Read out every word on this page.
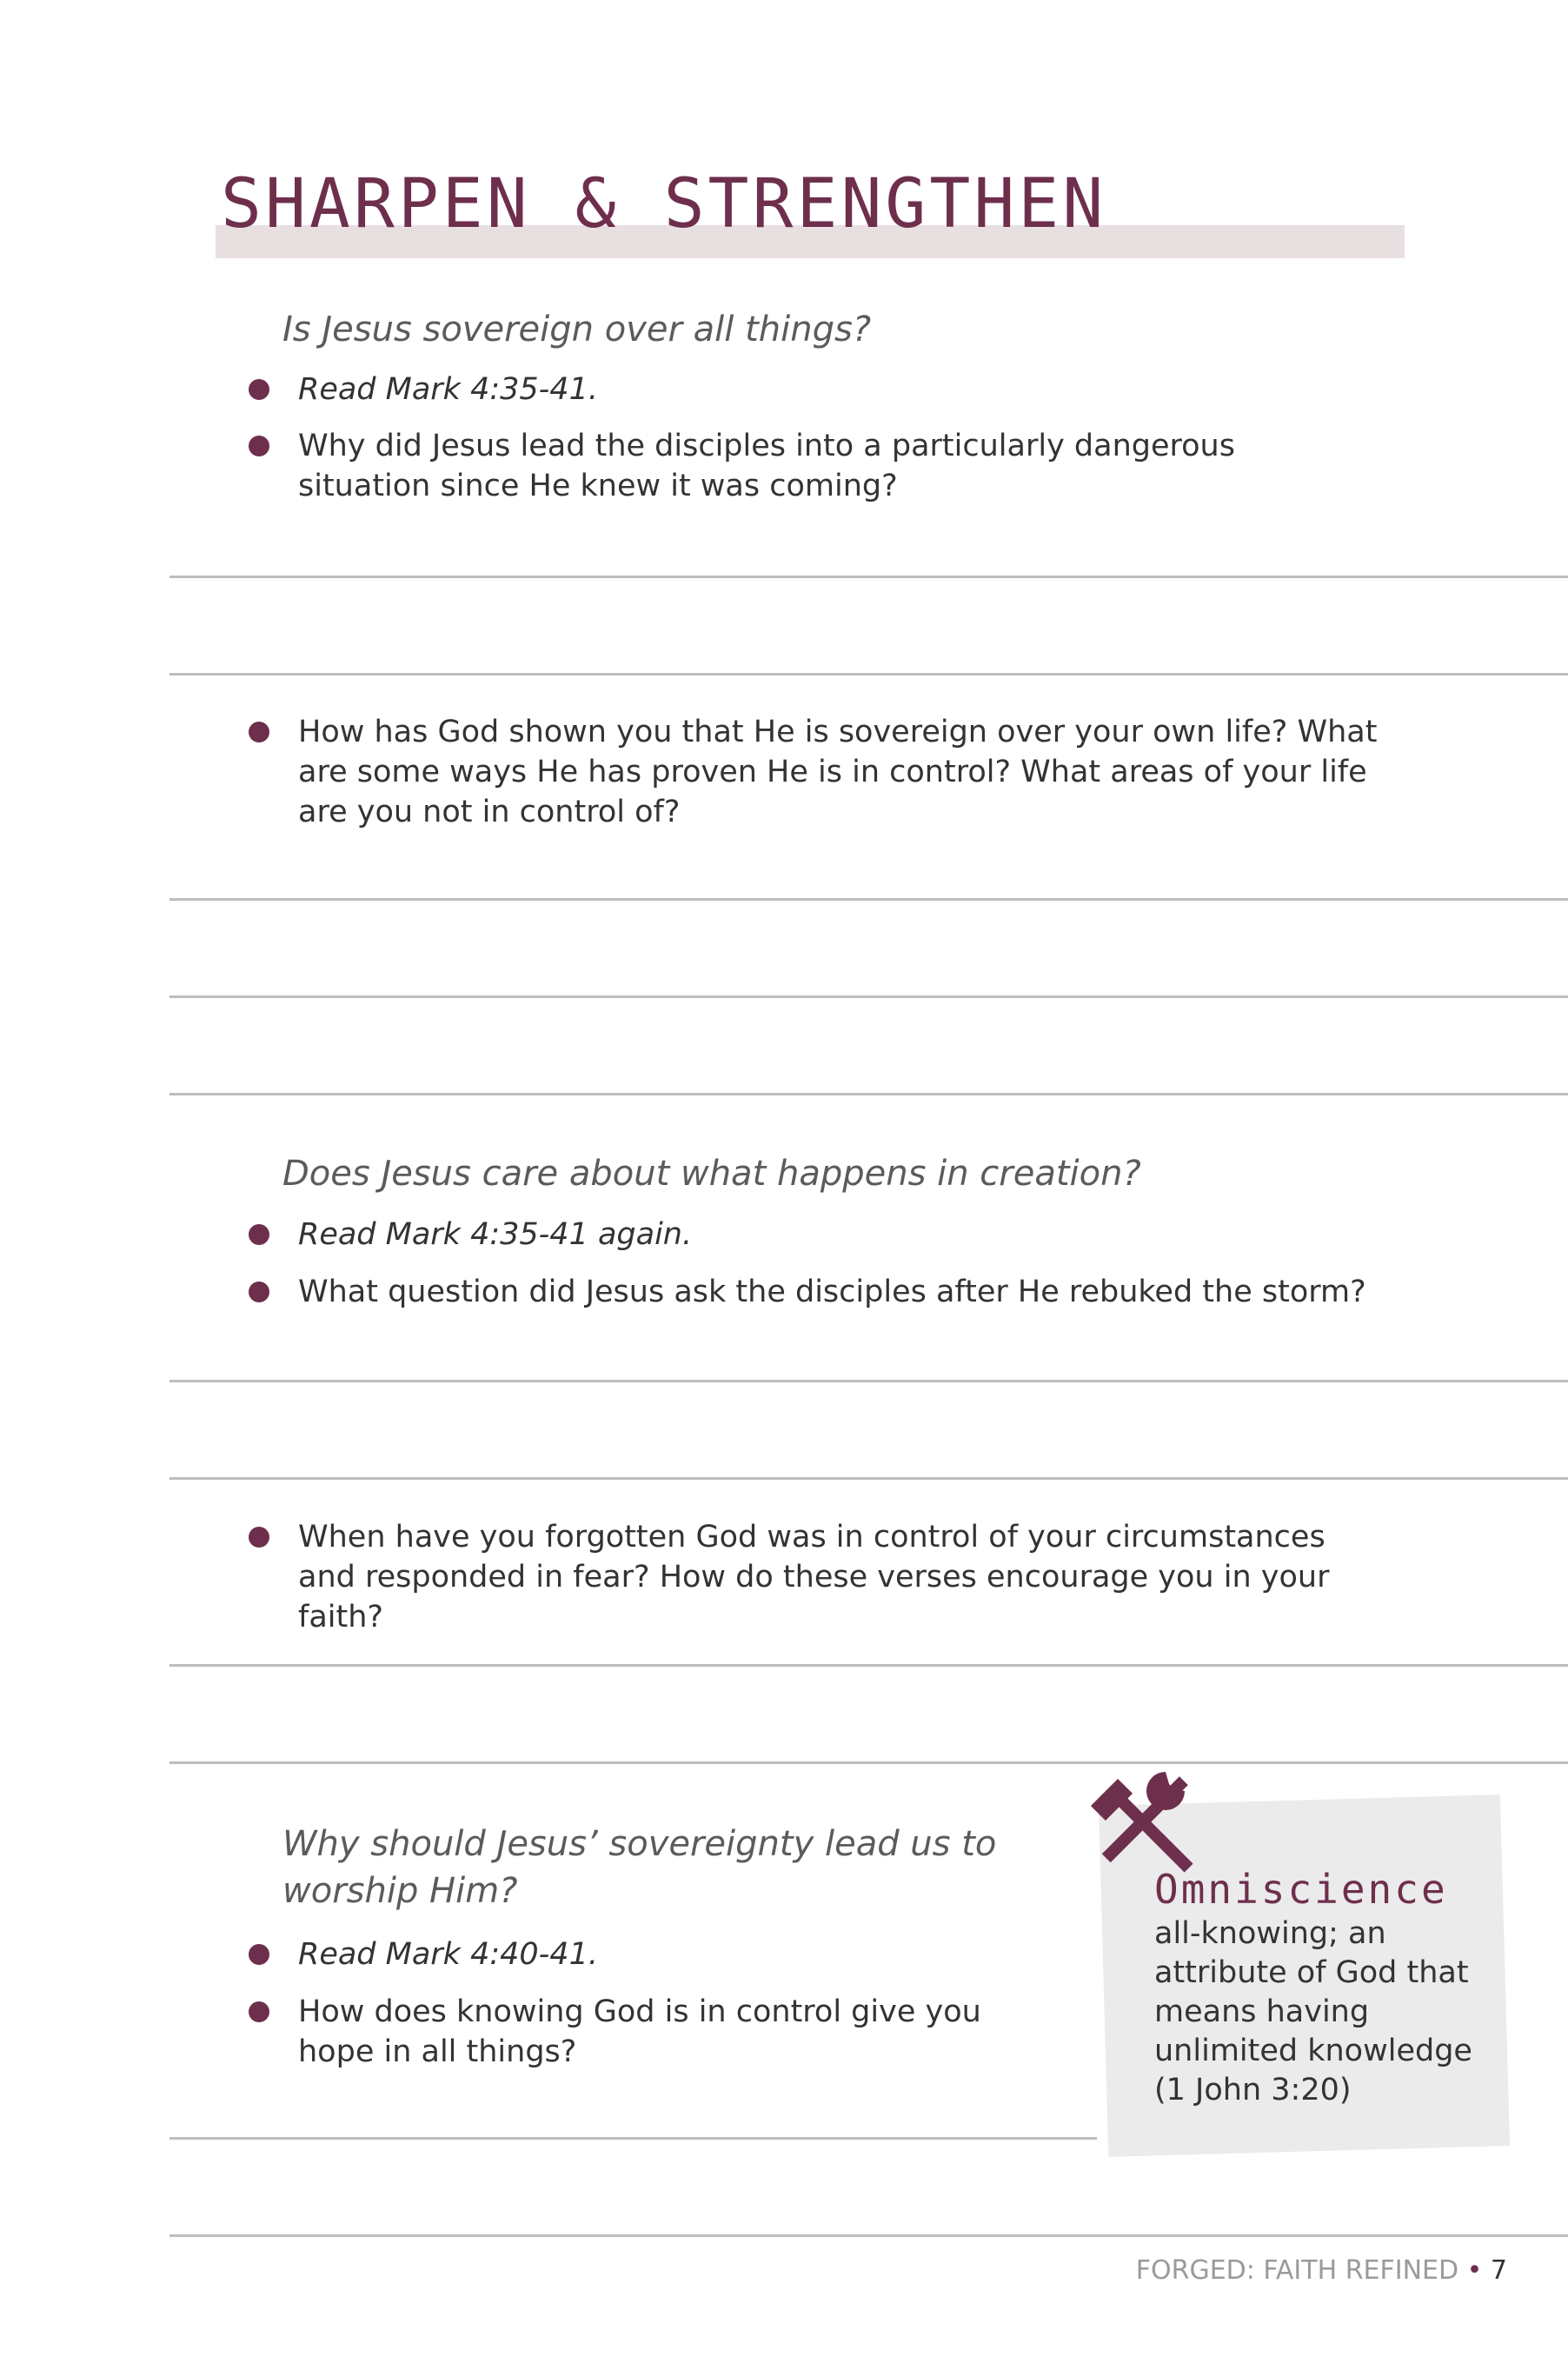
SHARPEN & STRENGTHEN
Is Jesus sovereign over all things?
Read Mark 4:35-41.
Why did Jesus lead the disciples into a particularly dangerous situation since He knew it was coming?
How has God shown you that He is sovereign over your own life? What are some ways He has proven He is in control? What areas of your life are you not in control of?
Does Jesus care about what happens in creation?
Read Mark 4:35-41 again.
What question did Jesus ask the disciples after He rebuked the storm?
When have you forgotten God was in control of your circumstances and responded in fear? How do these verses encourage you in your faith?
Why should Jesus’ sovereignty lead us to worship Him?
Read Mark 4:40-41.
How does knowing God is in control give you hope in all things?
Omniscience
all-knowing; an attribute of God that means having unlimited knowledge (1 John 3:20)
FORGED: FAITH REFINED • 7
